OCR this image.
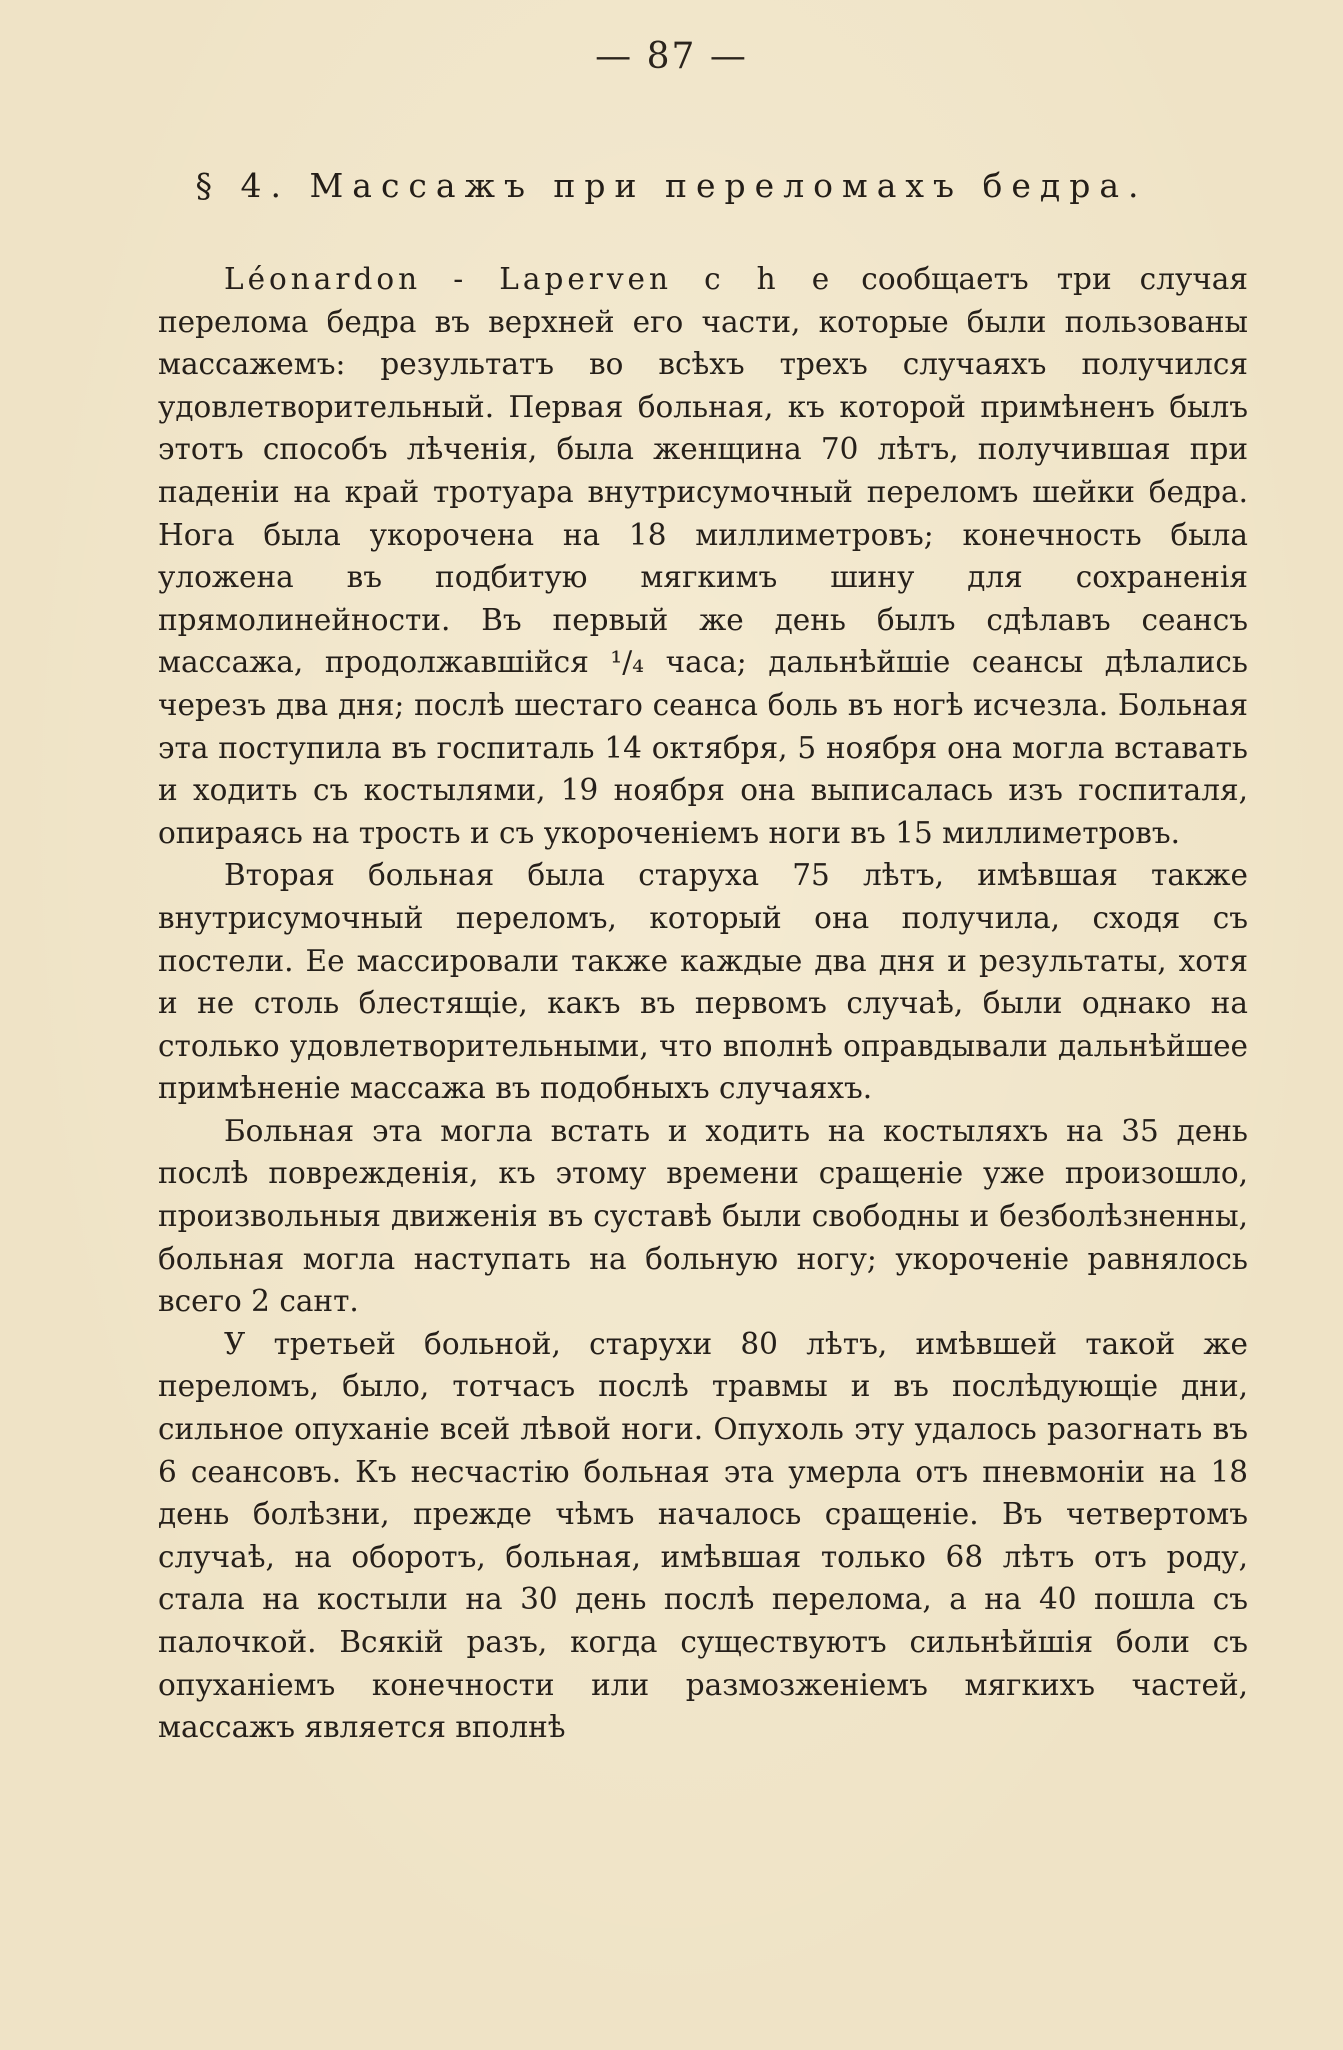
— 87 —
§ 4. Массажъ при переломахъ бедра.

Léonardon - Laperven c h e сообщаетъ три случая перелома бедра въ верхней его части, которые были пользованы массажемъ: результатъ во всѣхъ трехъ случаяхъ получился удовлетворительный. Первая больная, къ которой примѣненъ былъ этотъ способъ лѣченія, была женщина 70 лѣтъ, получившая при паденіи на край тротуара внутрисумочный переломъ шейки бедра. Нога была укорочена на 18 миллиметровъ; конечность была уложена въ подбитую мягкимъ шину для сохраненія прямолинейности. Въ первый же день былъ сдѣлавъ сеансъ массажа, продолжавшійся ¹/₄ часа; дальнѣйшіе сеансы дѣлались черезъ два дня; послѣ шестаго сеанса боль въ ногѣ исчезла. Больная эта поступила въ госпиталь 14 октября, 5 ноября она могла вставать и ходить съ костылями, 19 ноября она выписалась изъ госпиталя, опираясь на трость и съ укороченіемъ ноги въ 15 миллиметровъ.

Вторая больная была старуха 75 лѣтъ, имѣвшая также внутрисумочный переломъ, который она получила, сходя съ постели. Ее массировали также каждые два дня и результаты, хотя и не столь блестящіе, какъ въ первомъ случаѣ, были однако на столько удовлетворительными, что вполнѣ оправдывали дальнѣйшее примѣненіе массажа въ подобныхъ случаяхъ.

Больная эта могла встать и ходить на костыляхъ на 35 день послѣ поврежденія, къ этому времени сращеніе уже произошло, произвольныя движенія въ суставѣ были свободны и безболѣзненны, больная могла наступать на больную ногу; укороченіе равнялось всего 2 сант.

У третьей больной, старухи 80 лѣтъ, имѣвшей такой же переломъ, было, тотчасъ послѣ травмы и въ послѣдующіе дни, сильное опуханіе всей лѣвой ноги. Опухоль эту удалось разогнать въ 6 сеансовъ. Къ несчастію больная эта умерла отъ пневмоніи на 18 день болѣзни, прежде чѣмъ началось сращеніе. Въ четвертомъ случаѣ, на оборотъ, больная, имѣвшая только 68 лѣтъ отъ роду, стала на костыли на 30 день послѣ перелома, а на 40 пошла съ палочкой. Всякій разъ, когда существуютъ сильнѣйшія боли съ опуханіемъ конечности или размозженіемъ мягкихъ частей, массажъ является вполнѣ
